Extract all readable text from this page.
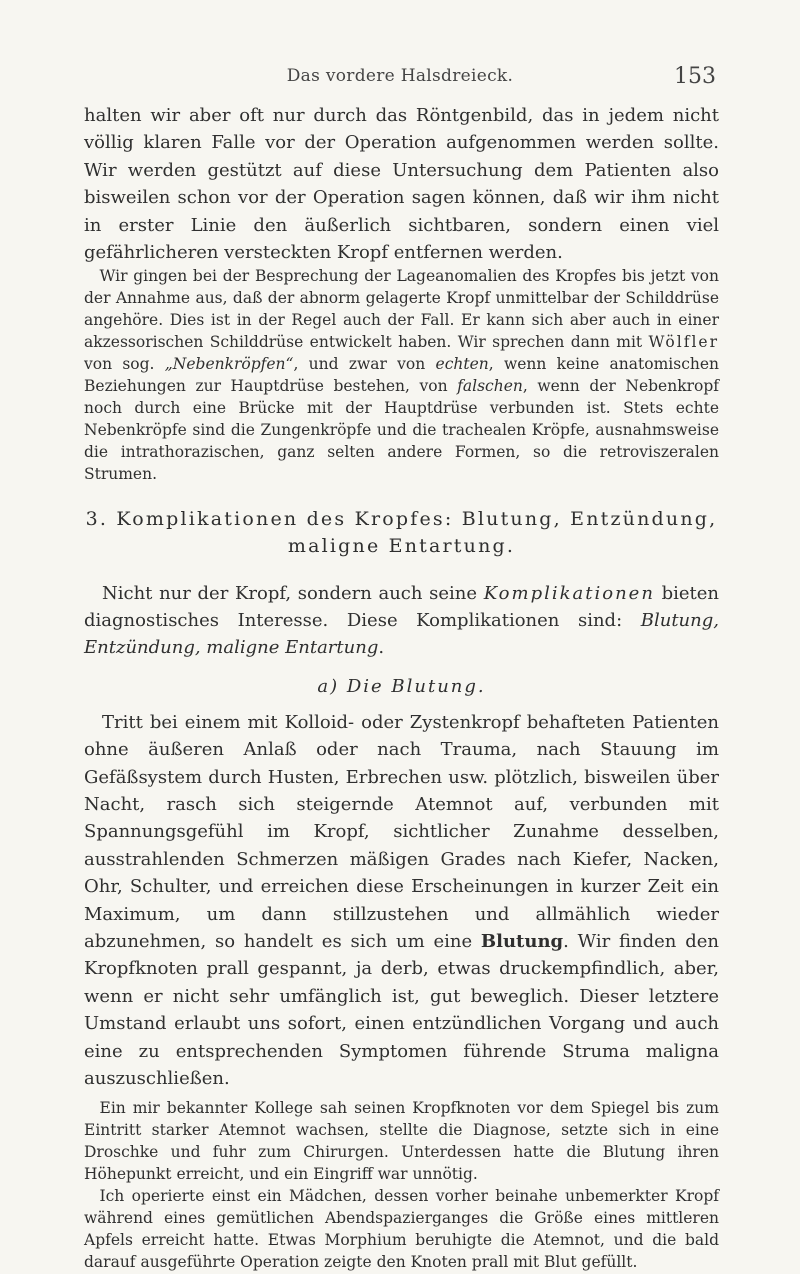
Das vordere Halsdreieck.	153

halten wir aber oft nur durch das Röntgenbild, das in jedem nicht völlig klaren Falle vor der Operation aufgenommen werden sollte. Wir werden gestützt auf diese Untersuchung dem Patienten also bisweilen schon vor der Operation sagen können, daß wir ihm nicht in erster Linie den äußerlich sichtbaren, sondern einen viel gefährlicheren versteckten Kropf entfernen werden.

Wir gingen bei der Besprechung der Lageanomalien des Kropfes bis jetzt von der Annahme aus, daß der abnorm gelagerte Kropf unmittelbar der Schilddrüse angehöre. Dies ist in der Regel auch der Fall. Er kann sich aber auch in einer akzessorischen Schilddrüse entwickelt haben. Wir sprechen dann mit Wölfler von sog. „Nebenkröpfen“, und zwar von echten, wenn keine anatomischen Beziehungen zur Hauptdrüse bestehen, von falschen, wenn der Nebenkropf noch durch eine Brücke mit der Hauptdrüse verbunden ist. Stets echte Nebenkröpfe sind die Zungenkröpfe und die trachealen Kröpfe, ausnahmsweise die intrathorazischen, ganz selten andere Formen, so die retroviszeralen Strumen.

3. Komplikationen des Kropfes: Blutung, Entzündung, maligne Entartung.

Nicht nur der Kropf, sondern auch seine Komplikationen bieten diagnostisches Interesse. Diese Komplikationen sind: Blutung, Entzündung, maligne Entartung.

a) Die Blutung.

Tritt bei einem mit Kolloid- oder Zystenkropf behafteten Patienten ohne äußeren Anlaß oder nach Trauma, nach Stauung im Gefäßsystem durch Husten, Erbrechen usw. plötzlich, bisweilen über Nacht, rasch sich steigernde Atemnot auf, verbunden mit Spannungsgefühl im Kropf, sichtlicher Zunahme desselben, ausstrahlenden Schmerzen mäßigen Grades nach Kiefer, Nacken, Ohr, Schulter, und erreichen diese Erscheinungen in kurzer Zeit ein Maximum, um dann stillzustehen und allmählich wieder abzunehmen, so handelt es sich um eine Blutung. Wir finden den Kropfknoten prall gespannt, ja derb, etwas druckempfindlich, aber, wenn er nicht sehr umfänglich ist, gut beweglich. Dieser letztere Umstand erlaubt uns sofort, einen entzündlichen Vorgang und auch eine zu entsprechenden Symptomen führende Struma maligna auszuschließen.

Ein mir bekannter Kollege sah seinen Kropfknoten vor dem Spiegel bis zum Eintritt starker Atemnot wachsen, stellte die Diagnose, setzte sich in eine Droschke und fuhr zum Chirurgen. Unterdessen hatte die Blutung ihren Höhepunkt erreicht, und ein Eingriff war unnötig.

Ich operierte einst ein Mädchen, dessen vorher beinahe unbemerkter Kropf während eines gemütlichen Abendspazierganges die Größe eines mittleren Apfels erreicht hatte. Etwas Morphium beruhigte die Atemnot, und die bald darauf ausgeführte Operation zeigte den Knoten prall mit Blut gefüllt.
